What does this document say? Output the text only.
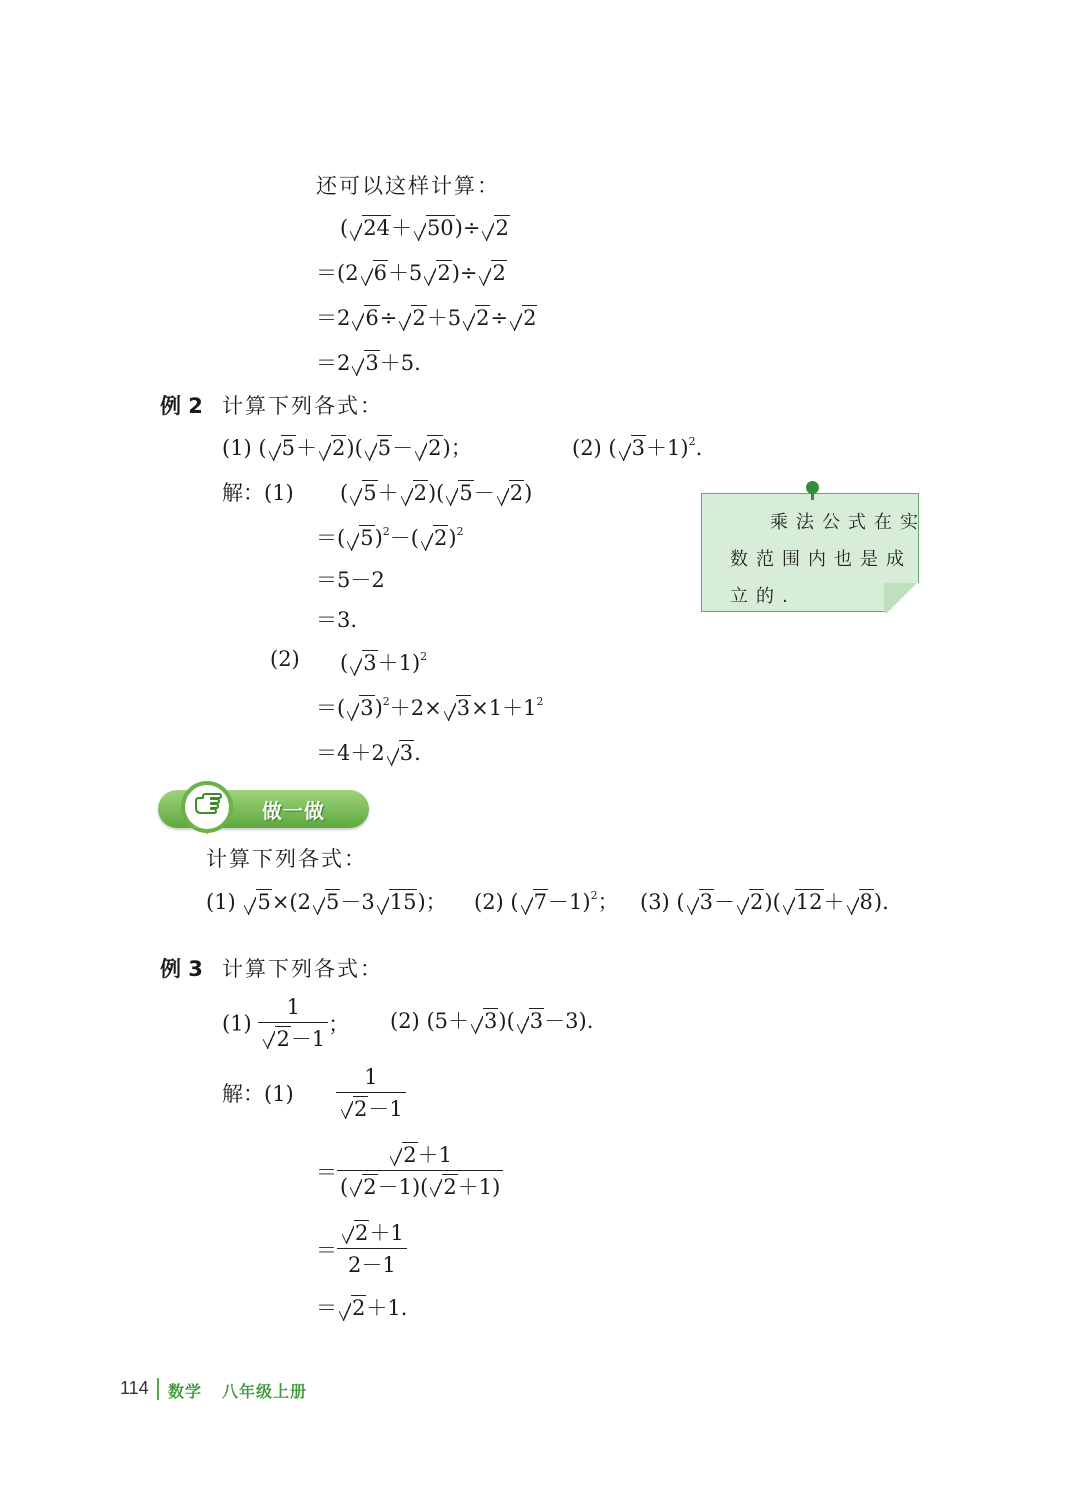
还可以这样计算：
( 24＋ 50)÷ 2
＝(2 6＋5 2)÷ 2
＝2 6÷ 2＋5 2÷ 2
＝2 3＋5.
例 2 计算下列各式：
(1) ( 5＋ 2)( 5－ 2)；	(2) ( 3＋1)$^2$.
解：(1) ( 5＋ 2)( 5－ 2)
＝( 5)$^2$－( 2)$^2$
＝5－2
＝3.
(2) ( 3＋1)$^2$
＝( $3)^2+2\times 3\times 1+1^2$
＝4＋2 3.
乘法公式在实
数范围内也是成
立的.
做一做
计算下列各式：
(1) 5×(2 5－3 15)； (2) ( 7－1)$^2$； (3) ( 3－ 2)( 12＋ 8).
例 3 计算下列各式：
$(1) \frac{1}{2-1}$ ； (2) (5＋ 3)( 3－3).
解：$(1) \frac{1}{2-1}$
＝ $\frac{2+1}{( 2-1)( 2+1)}$
＝ $\frac{2+1}{2-1}$
＝ 2＋1.
114 数学 八年级上册
